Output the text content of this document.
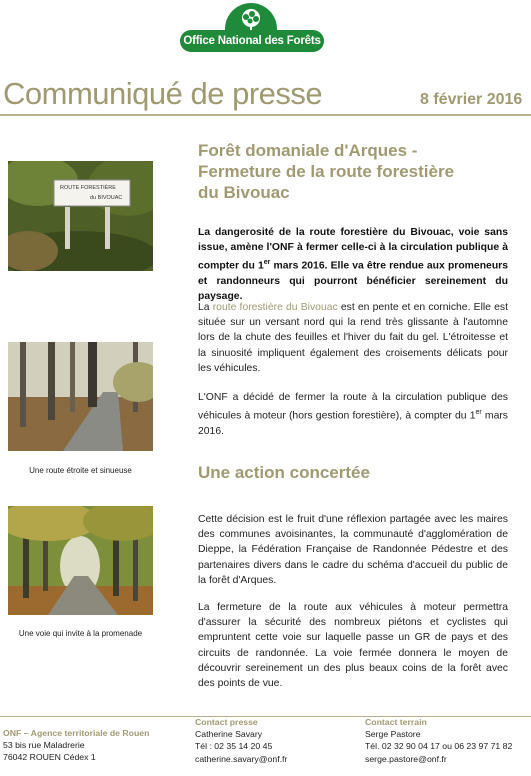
Office National des Forêts
Communiqué de presse	8 février 2016
ROUTE FORESTIÈRE
du BIVOUAC
Une route étroite et sinueuse
Une voie qui invite à la promenade
Forêt domaniale d'Arques -
Fermeture de la route forestière
du Bivouac
La dangerosité de la route forestière du Bivouac, voie sans issue, amène l'ONF à fermer celle-ci à la circulation publique à compter du 1er mars 2016. Elle va être rendue aux promeneurs et randonneurs qui pourront bénéficier sereinement du paysage.
La route forestière du Bivouac est en pente et en corniche. Elle est située sur un versant nord qui la rend très glissante à l'automne lors de la chute des feuilles et l'hiver du fait du gel. L'étroitesse et la sinuosité impliquent également des croisements délicats pour les véhicules.
L'ONF a décidé de fermer la route à la circulation publique des véhicules à moteur (hors gestion forestière), à compter du 1er mars 2016.
Une action concertée
Cette décision est le fruit d'une réflexion partagée avec les maires des communes avoisinantes, la communauté d'agglomération de Dieppe, la Fédération Française de Randonnée Pédestre et des partenaires divers dans le cadre du schéma d'accueil du public de la forêt d'Arques.
La fermeture de la route aux véhicules à moteur permettra d'assurer la sécurité des nombreux piétons et cyclistes qui empruntent cette voie sur laquelle passe un GR de pays et des circuits de randonnée. La voie fermée donnera le moyen de découvrir sereinement un des plus beaux coins de la forêt avec des points de vue.
ONF – Agence territoriale de Rouen
53 bis rue Maladrerie
76042 ROUEN Cédex 1
Contact presse
Catherine Savary
Tél : 02 35 14 20 45
catherine.savary@onf.fr
Contact terrain
Serge Pastore
Tél. 02 32 90 04 17 ou 06 23 97 71 82
serge.pastore@onf.fr
